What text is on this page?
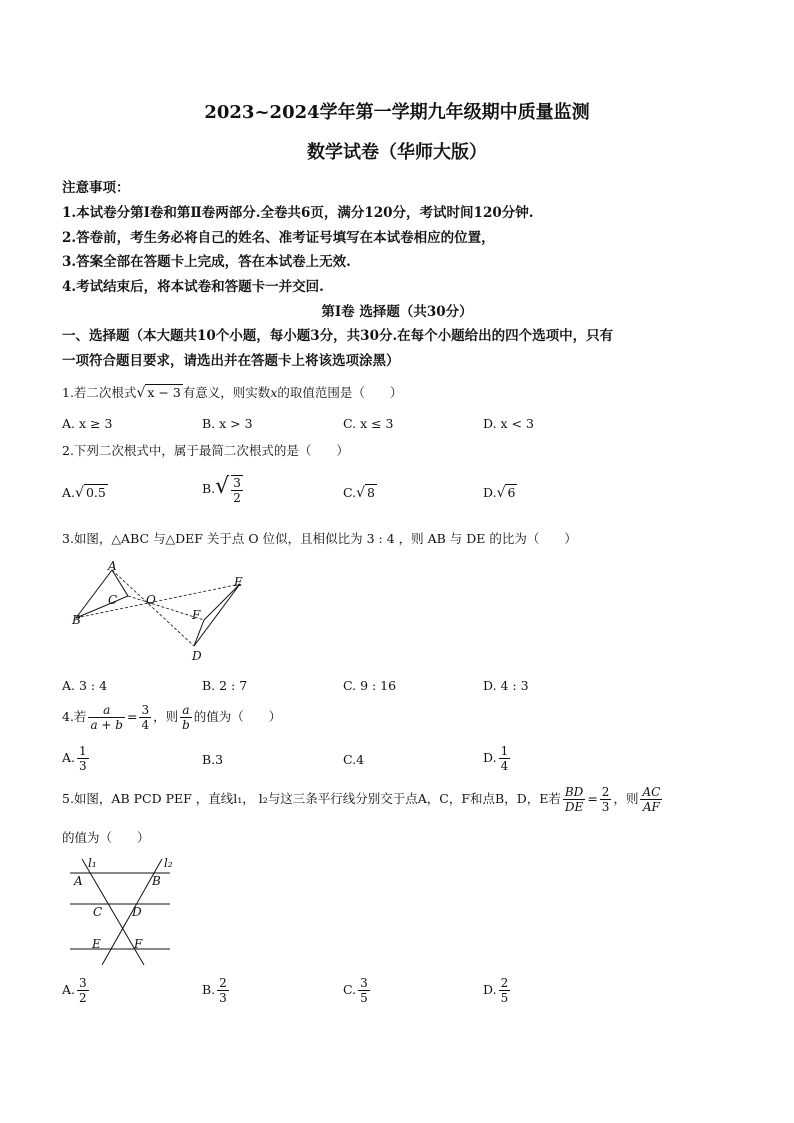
2023~2024学年第一学期九年级期中质量监测
数学试卷（华师大版）
注意事项：
1.本试卷分第Ⅰ卷和第Ⅱ卷两部分.全卷共6页，满分120分，考试时间120分钟.
2.答卷前，考生务必将自己的姓名、准考证号填写在本试卷相应的位置，
3.答案全部在答题卡上完成，答在本试卷上无效.
4.考试结束后，将本试卷和答题卡一并交回.
第Ⅰ卷 选择题（共30分）
一、选择题（本大题共10个小题，每小题3分，共30分.在每个小题给出的四个选项中，只有
一项符合题目要求，请选出并在答题卡上将该选项涂黑）
1.若二次根式√ x − 3 有意义，则实数x的取值范围是（　　）
A. x ≥ 3	B. x > 3	C. x ≤ 3	D. x < 3
2.下列二次根式中，属于最简二次根式的是（　　）
A.√ 0.5	$B.√ \frac{3}{2}$	C.√ 8	D.√ 6
3.如图，△ABC 与△DEF 关于点 O 位似，且相似比为 3 : 4 ，则 AB 与 DE 的比为（　　）
A
C O
E
F
B
D
A. 3 : 4	B. 2 : 7	C. 9 : 16	D. 4 : 3
4.若 $\frac{a}{a + b} = \frac{3}{4}$ ，则 $\frac{a}{b}$ 的值为（　　）
A. $\frac{1}{3}$	B.3	C.4	D. $\frac{1}{4}$
5.如图，AB PCD PEF ，直线l₁， l₂与这三条平行线分别交于点A，C，F和点B，D，E若 $\frac{BD}{DE} = \frac{2}{3}$ ，则 $\frac{AC}{AF}$
的值为（　　）
l₁	l₂
A	B
C D
E	F
A. $\frac{3}{2}$	B. $\frac{2}{3}$	C. $\frac{3}{5}$	D. $\frac{2}{5}$
